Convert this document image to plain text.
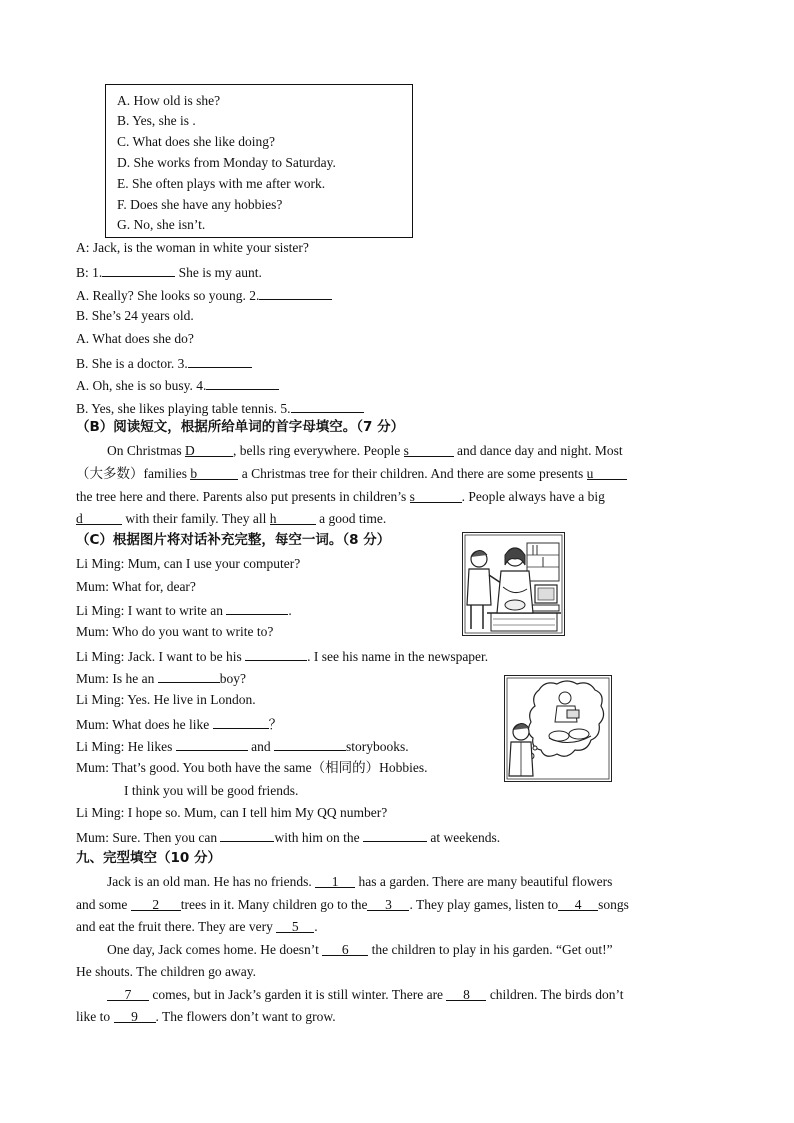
A. How old is she?
B. Yes, she is .
C. What does she like doing?
D. She works from Monday to Saturday.
E. She often plays with me after work.
F. Does she have any hobbies?
G. No, she isn’t.
A: Jack, is the woman in white your sister?
B: 1.	She is my aunt.
A. Really? She looks so young. 2.
B. She’s 24 years old.
A. What does she do?
B. She is a doctor. 3.
A. Oh, she is so busy. 4.
B. Yes, she likes playing table tennis. 5.
（B）阅读短文，根据所给单词的首字母填空。（7 分）
On Christmas D	, bells ring everywhere. People s	and dance day and night. Most
（大多数）families b	a Christmas tree for their children. And there are some presents u
the tree here and there. Parents also put presents in children’s s	. People always have a big
d	with their family. They all h	a good time.
（C）根据图片将对话补充完整，每空一词。（8 分）
Li Ming: Mum, can I use your computer?
Mum: What for, dear?
Li Ming: I want to write an	.
Mum: Who do you want to write to?
Li Ming: Jack. I want to be his	. I see his name in the newspaper.
Mum: Is he an	boy?
Li Ming: Yes. He live in London.
Mum: What does he like	？
Li Ming: He likes	and	storybooks.
Mum: That’s good. You both have the same（相同的）Hobbies.
I think you will be good friends.
Li Ming: I hope so. Mum, can I tell him My QQ number?
Mum: Sure. Then you can	with him on the	at weekends.
九、完型填空（10 分）
Jack is an old man. He has no friends. 1 has a garden. There are many beautiful flowers
and some 2 trees in it. Many children go to the 3 . They play games, listen to 4 songs
and eat the fruit there. They are very 5 .
One day, Jack comes home. He doesn’t 6 the children to play in his garden. “Get out!”
He shouts. The children go away.
7 comes, but in Jack’s garden it is still winter. There are 8 children. The birds don’t
like to 9 . The flowers don’t want to grow.
